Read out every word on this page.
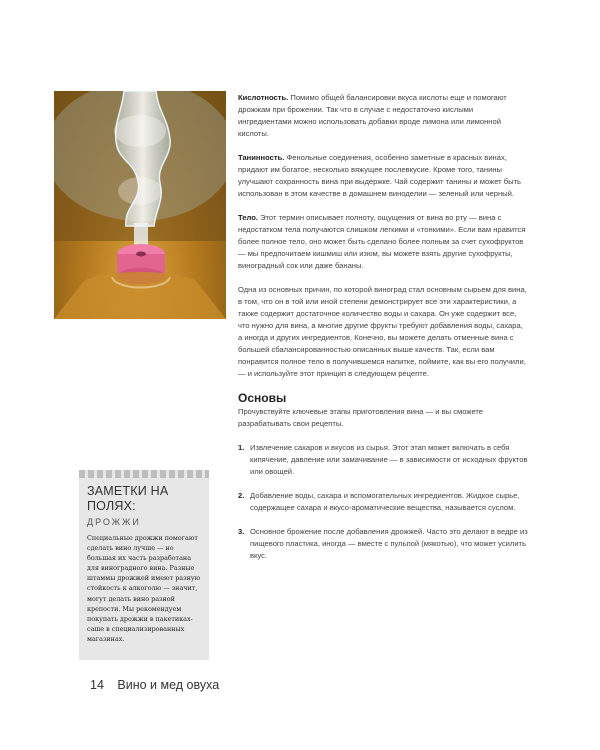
Кислотность. Помимо общей балансировки вкуса кислоты еще и помогают дрожжам при брожении. Так что в случае с недостаточно кислыми ингредиентами можно использовать добавки вроде лимона или лимонной кислоты.

Танинность. Фенольные соединения, особенно заметные в красных винах, придают им богатое, несколько вяжущее послевкусие. Кроме того, танины улучшают сохранность вина при выдержке. Чай содержит танины и может быть использован в этом качестве в домашнем виноделии — зеленый или черный.

Тело. Этот термин описывает полноту, ощущения от вина во рту — вина с недостатком тела получаются слишком легкими и «тонкими». Если вам нравится более полное тело, оно может быть сделано более полным за счет сухофруктов — мы предпочитаем кишмиш или изюм, вы можете взять другие сухофрукты, виноградный сок или даже бананы.

Одна из основных причин, по которой виноград стал основным сырьем для вина, в том, что он в той или иной степени демонстрирует все эти характеристики, а также содержит достаточное количество воды и сахара. Он уже содержит все, что нужно для вина, а многие другие фрукты требуют добавления воды, сахара, а иногда и других ингредиентов. Конечно, вы можете делать отменные вина с большей сбалансированностью описанных выше качеств. Так, если вам понравится полное тело в получившемся напитке, поймите, как вы его получили, — и используйте этот принцип в следующем рецепте.

Основы

Прочувствуйте ключевые этапы приготовления вина — и вы сможете разрабатывать свои рецепты.

1. Извлечение сахаров и вкусов из сырья. Этот этап может включать в себя кипячение, давление или замачивание — в зависимости от исходных фруктов или овощей.
2. Добавление воды, сахара и вспомогательных ингредиентов. Жидкое сырье, содержащее сахара и вкусо-ароматические вещества, называется суслом.
3. Основное брожение после добавления дрожжей. Часто это делают в ведре из пищевого пластика, иногда — вместе с пульпой (мякотью), что может усилить вкус.
ЗАМЕТКИ НА ПОЛЯХ:
ДРОЖЖИ

Специальные дрожжи помогают сделать вино лучше — но большая их часть разработана для виноградного вина. Разные штаммы дрожжей имеют разную стойкость к алкоголю — значит, могут делать вино разной крепости. Мы рекомендуем покупать дрожжи в пакетиках-саше в специализированных магазинах.

14 Вино и мед овуха
